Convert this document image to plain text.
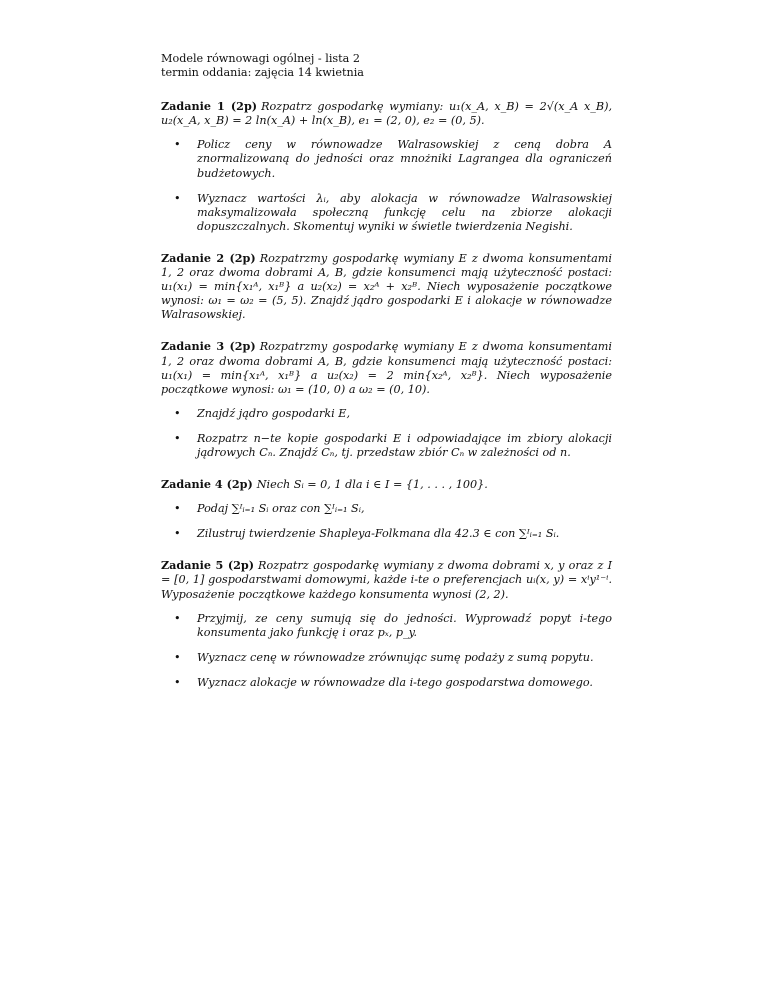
Modele równowagi ogólnej - lista 2
termin oddania: zajęcia 14 kwietnia

Zadanie 1 (2p) Rozpatrz gospodarkę wymiany: u₁(x_A, x_B) = 2√(x_A x_B), u₂(x_A, x_B) = 2 ln(x_A) + ln(x_B), e₁ = (2, 0), e₂ = (0, 5).

• Policz ceny w równowadze Walrasowskiej z ceną dobra A znormalizowaną do jedności oraz mnożniki Lagrangea dla ograniczeń budżetowych.
• Wyznacz wartości λᵢ, aby alokacja w równowadze Walrasowskiej maksymalizowała społeczną funkcję celu na zbiorze alokacji dopuszczalnych. Skomentuj wyniki w świetle twierdzenia Negishi.

Zadanie 2 (2p) Rozpatrzmy gospodarkę wymiany E z dwoma konsumentami 1, 2 oraz dwoma dobrami A, B, gdzie konsumenci mają użyteczność postaci: u₁(x₁) = min{x₁ᴬ, x₁ᴮ} a u₂(x₂) = x₂ᴬ + x₂ᴮ. Niech wyposażenie początkowe wynosi: ω₁ = ω₂ = (5, 5). Znajdź jądro gospodarki E i alokacje w równowadze Walrasowskiej.

Zadanie 3 (2p) Rozpatrzmy gospodarkę wymiany E z dwoma konsumentami 1, 2 oraz dwoma dobrami A, B, gdzie konsumenci mają użyteczność postaci: u₁(x₁) = min{x₁ᴬ, x₁ᴮ} a u₂(x₂) = 2 min{x₂ᴬ, x₂ᴮ}. Niech wyposażenie początkowe wynosi: ω₁ = (10, 0) a ω₂ = (0, 10).

• Znajdź jądro gospodarki E,
• Rozpatrz n−te kopie gospodarki E i odpowiadające im zbiory alokacji jądrowych Cₙ. Znajdź Cₙ, tj. przedstaw zbiór Cₙ w zależności od n.

Zadanie 4 (2p) Niech Sᵢ = 0, 1 dla i ∈ I = {1, . . . , 100}.

• Podaj ∑ᴵᵢ₌₁ Sᵢ oraz con ∑ᴵᵢ₌₁ Sᵢ,
• Zilustruj twierdzenie Shapleya-Folkmana dla 42.3 ∈ con ∑ᴵᵢ₌₁ Sᵢ.

Zadanie 5 (2p) Rozpatrz gospodarkę wymiany z dwoma dobrami x, y oraz z I = [0, 1] gospodarstwami domowymi, każde i-te o preferencjach uᵢ(x, y) = xⁱy¹⁻ⁱ. Wyposażenie początkowe każdego konsumenta wynosi (2, 2).

• Przyjmij, ze ceny sumują się do jedności. Wyprowadź popyt i-tego konsumenta jako funkcję i oraz pₓ, p_y.
• Wyznacz cenę w równowadze zrównując sumę podaży z sumą popytu.
• Wyznacz alokacje w równowadze dla i-tego gospodarstwa domowego.
